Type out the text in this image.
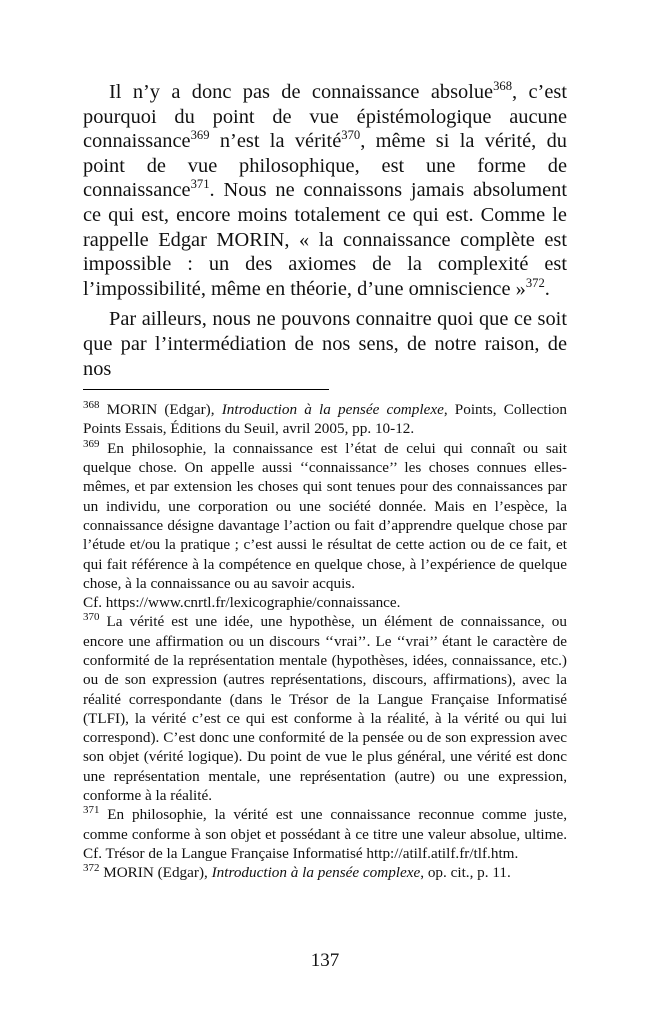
Il n’y a donc pas de connaissance absolue$^{368}$, c’est pourquoi du point de vue épistémologique aucune connaissance$^{369}$ n’est la vérité$^{370}$, même si la vérité, du point de vue philosophique, est une forme de connaissance$^{371}$. Nous ne connaissons jamais absolument ce qui est, encore moins totalement ce qui est. Comme le rappelle Edgar MORIN, « la connaissance complète est impossible : un des axiomes de la complexité est l’impossibilité, même en théorie, d’une omniscience »$^{372}$.

Par ailleurs, nous ne pouvons connaitre quoi que ce soit que par l’intermédiation de nos sens, de notre raison, de nos

$^{368}$ MORIN (Edgar), Introduction à la pensée complexe, Points, Collection Points Essais, Éditions du Seuil, avril 2005, pp. 10-12.

$^{369}$ En philosophie, la connaissance est l’état de celui qui connaît ou sait quelque chose. On appelle aussi ‘‘connaissance’’ les choses connues elles-mêmes, et par extension les choses qui sont tenues pour des connaissances par un individu, une corporation ou une société donnée. Mais en l’espèce, la connaissance désigne davantage l’action ou fait d’apprendre quelque chose par l’étude et/ou la pratique ; c’est aussi le résultat de cette action ou de ce fait, et qui fait référence à la compétence en quelque chose, à l’expérience de quelque chose, à la connaissance ou au savoir acquis.

Cf. https://www.cnrtl.fr/lexicographie/connaissance.

$^{370}$ La vérité est une idée, une hypothèse, un élément de connaissance, ou encore une affirmation ou un discours ‘‘vrai’’. Le ‘‘vrai’’ étant le caractère de conformité de la représentation mentale (hypothèses, idées, connaissance, etc.) ou de son expression (autres représentations, discours, affirmations), avec la réalité correspondante (dans le Trésor de la Langue Française Informatisé (TLFI), la vérité c’est ce qui est conforme à la réalité, à la vérité ou qui lui correspond). C’est donc une conformité de la pensée ou de son expression avec son objet (vérité logique). Du point de vue le plus général, une vérité est donc une représentation mentale, une représentation (autre) ou une expression, conforme à la réalité.

$^{371}$ En philosophie, la vérité est une connaissance reconnue comme juste, comme conforme à son objet et possédant à ce titre une valeur absolue, ultime. Cf. Trésor de la Langue Française Informatisé http://atilf.atilf.fr/tlf.htm.

$^{372}$ MORIN (Edgar), Introduction à la pensée complexe, op. cit., p. 11.

137
